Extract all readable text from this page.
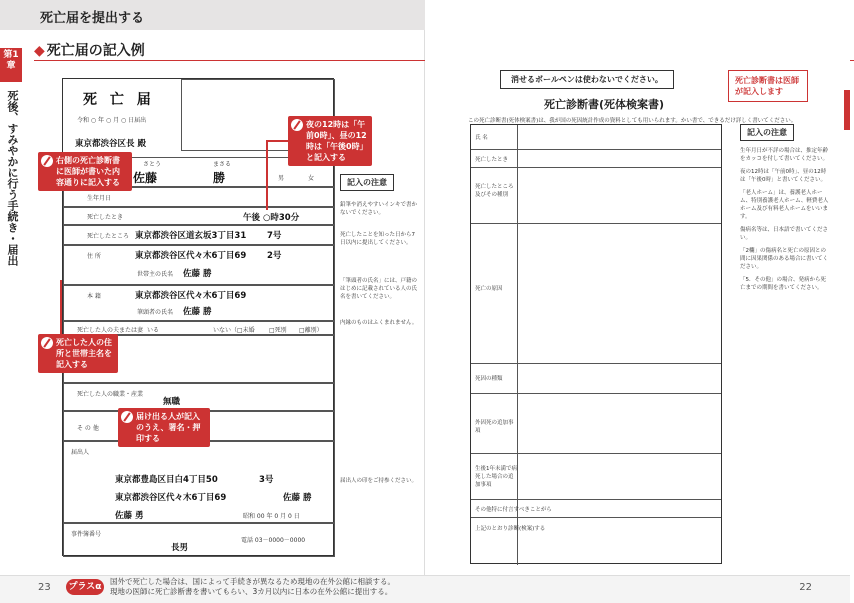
死亡届を提出する
第1章
死後、すみやかに行う手続き・届出
◆ 死亡届の記入例
死 亡 届
令和 ○ 年 ○ 月 ○ 日届出
東京都渋谷区長 殿
さとう	まさる
佐藤	勝	男	女
生年月日
死亡したとき	午後 ○時30分
死亡したところ 東京都渋谷区道玄坂3丁目31 7号
住 所	東京都渋谷区代々木6丁目69 2号
世帯主の氏名 佐藤 勝
本 籍	東京都渋谷区代々木6丁目69
筆頭者の氏名 佐藤 勝
死亡した人の夫または妻 いる	いない（□未婚 □死別 □離別）
死亡した人の職業・産業
無職
そ の 他
届出人
東京都豊島区目白4丁目50	3号
東京都渋谷区代々木6丁目69	佐藤 勝
佐藤 勇	昭和 00 年 0 月 0 日
事件簿番号
長男
電話 03－0000－0000
記入の注意
鉛筆や消えやすいインキで書かないでください。
死亡したことを知った日から7日以内に提出してください。
「筆頭者の氏名」には、戸籍のはじめに記載されている人の氏名を書いてください。
内縁のものはふくまれません。
届出人の印をご持参ください。
右側の死亡診断書に医師が書いた内容通りに記入する
夜の12時は「午前0時」、昼の12時は「午後0時」と記入する
死亡した人の住所と世帯主名を記入する
届け出る人が記入のうえ、署名・押印する
消せるボールペンは使わないでください。	死亡診断書は医師が記入します
死亡診断書(死体検案書)
この死亡診断書(死体検案書)は、我が国の死因統計作成の資料としても用いられます。かい書で、できるだけ詳しく書いてください。
氏 名
死亡したとき
死亡したところ及びその種別
死亡の原因
死因の種類
外因死の追加事項
生後1年未満で病死した場合の追加事項
その他特に付言すべきことがら
上記のとおり診断(検案)する
記入の注意
生年月日が不詳の場合は、推定年齢をカッコを付して書いてください。
夜の12時は「午前0時」、昼の12時は「午後0時」と書いてください。
「老人ホーム」は、養護老人ホーム、特別養護老人ホーム、軽費老人ホーム及び有料老人ホームをいいます。
傷病名等は、日本語で書いてください。
「2欄」の傷病名と死亡の原因との間に因果関係のある場合に書いてください。
「5．その他」の場合、発病から死亡までの期間を書いてください。
23 プラスα
国外で死亡した場合は、国によって手続きが異なるため現地の在外公館に相談する。
現地の医師に死亡診断書を書いてもらい、3カ月以内に日本の在外公館に提出する。	22
